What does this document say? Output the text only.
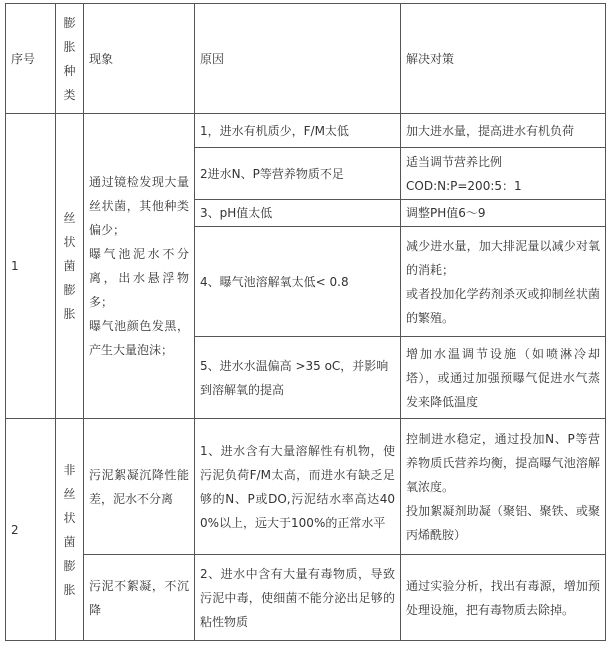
序号	膨胀种类	现象	原因	解决对策
1	丝状菌膨胀	通过镜检发现大量丝状菌，其他种类偏少；
曝气池泥水不分离，出水悬浮物多；
曝气池颜色发黑，产生大量泡沫；	1，进水有机质少，F/M太低	加大进水量，提高进水有机负荷

			2进水N、P等营养物质不足	适当调节营养比例
COD:N:P=200:5：1

			3、pH值太低	调整PH值6～9

			4、曝气池溶解氧太低< 0.8	减少进水量，加大排泥量以减少对氧的消耗；
或者投加化学药剂杀灭或抑制丝状菌的繁殖。

			5、进水水温偏高 >35 oC，并影响到溶解氧的提高	增加水温调节设施（如喷淋冷却塔），或通过加强预曝气促进水气蒸发来降低温度

2	非丝状菌膨胀	污泥絮凝沉降性能差，泥水不分离	1、进水含有大量溶解性有机物，使污泥负荷F/M太高，而进水有缺乏足够的N、P或DO,污泥结水率高达400%以上，远大于100%的正常水平	控制进水稳定，通过投加N、P等营养物质氏营养均衡，提高曝气池溶解氧浓度。
投加絮凝剂助凝（聚铝、聚铁、或聚丙烯酰胺）

		污泥不絮凝，不沉降	2、进水中含有大量有毒物质，导致污泥中毒，使细菌不能分泌出足够的粘性物质	通过实验分析，找出有毒源，增加预处理设施，把有毒物质去除掉。
